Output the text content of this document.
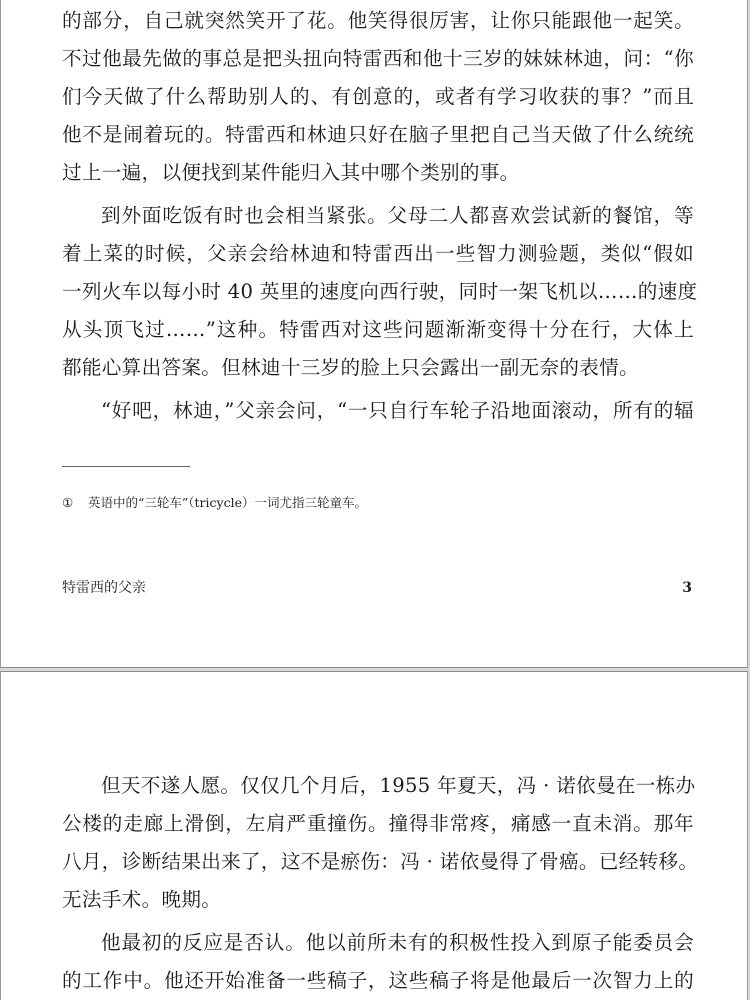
的部分，自己就突然笑开了花。他笑得很厉害，让你只能跟他一起笑。
不过他最先做的事总是把头扭向特雷西和他十三岁的妹妹林迪，问：“你
们今天做了什么帮助别人的、有创意的，或者有学习收获的事？”而且
他不是闹着玩的。特雷西和林迪只好在脑子里把自己当天做了什么统统
过上一遍，以便找到某件能归入其中哪个类别的事。
到外面吃饭有时也会相当紧张。父母二人都喜欢尝试新的餐馆，等
着上菜的时候，父亲会给林迪和特雷西出一些智力测验题，类似“假如
一列火车以每小时 40 英里的速度向西行驶，同时一架飞机以……的速度
从头顶飞过……”这种。特雷西对这些问题渐渐变得十分在行，大体上
都能心算出答案。但林迪十三岁的脸上只会露出一副无奈的表情。
“好吧，林迪，”父亲会问，“一只自行车轮子沿地面滚动，所有的辐
① 英语中的“三轮车”（tricycle）一词尤指三轮童车。
特雷西的父亲	3
但天不遂人愿。仅仅几个月后，1955 年夏天，冯 · 诺依曼在一栋办
公楼的走廊上滑倒，左肩严重撞伤。撞得非常疼，痛感一直未消。那年
八月，诊断结果出来了，这不是瘀伤：冯 · 诺依曼得了骨癌。已经转移。
无法手术。晚期。
他最初的反应是否认。他以前所未有的积极性投入到原子能委员会
的工作中。他还开始准备一些稿子，这些稿子将是他最后一次智力上的
